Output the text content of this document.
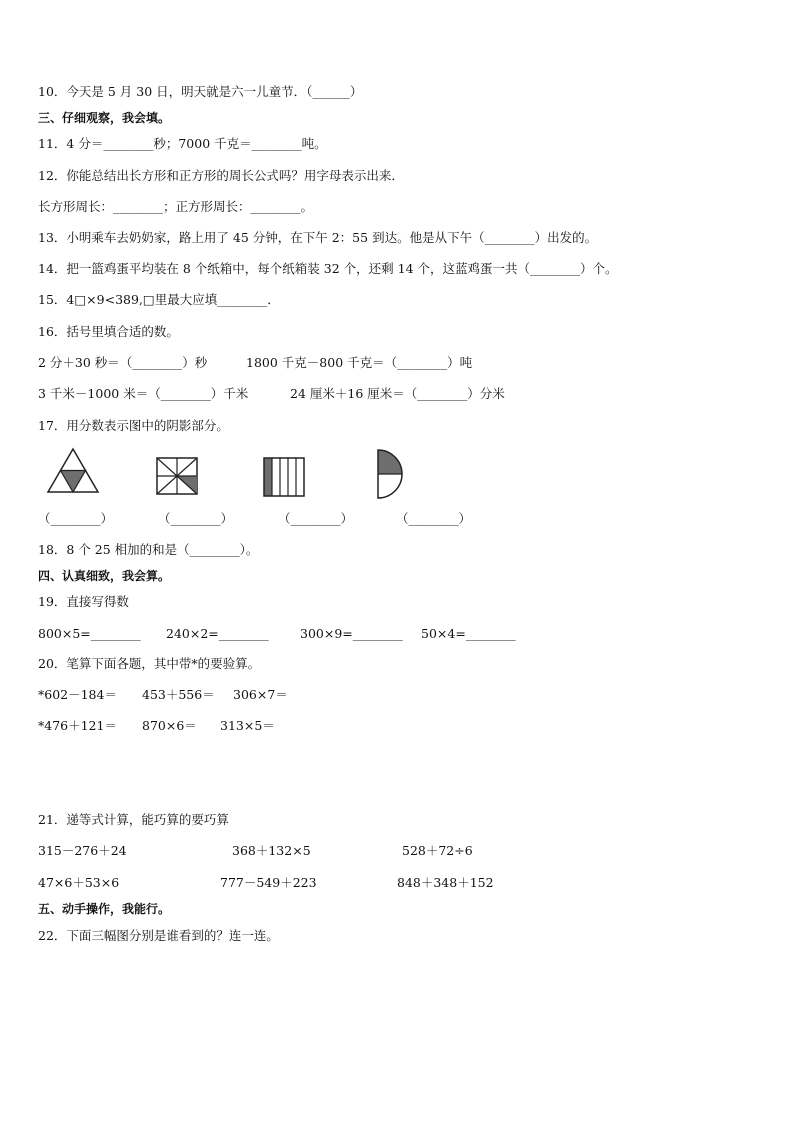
10．今天是 5 月 30 日，明天就是六一儿童节．（______）
三、仔细观察，我会填。
11．4 分＝________秒；7000 千克＝________吨。
12．你能总结出长方形和正方形的周长公式吗？用字母表示出来．
长方形周长：________；正方形周长：________。
13．小明乘车去奶奶家，路上用了 45 分钟，在下午 2：55 到达。他是从下午（________）出发的。
14．把一篮鸡蛋平均装在 8 个纸箱中，每个纸箱装 32 个，还剩 14 个，这蓝鸡蛋一共（________）个。
15．4□×9<389,□里最大应填________．
16．括号里填合适的数。
2 分＋30 秒＝（________）秒	1800 千克－800 千克＝（________）吨
3 千米－1000 米＝（________）千米	24 厘米＋16 厘米＝（________）分米
17．用分数表示图中的阴影部分。
（________）	（________）	（________）	（________）
18．8 个 25 相加的和是（________）。
四、认真细致，我会算。
19．直接写得数
800×5=________ 240×2=________ 300×9=________ 50×4=________
20．笔算下面各题，其中带*的要验算。
*602－184＝ 453＋556＝ 306×7＝
*476＋121＝ 870×6＝ 313×5＝
21．递等式计算，能巧算的要巧算
315－276＋24	368＋132×5	528＋72÷6
47×6＋53×6	777－549＋223	848＋348＋152
五、动手操作，我能行。
22．下面三幅图分别是谁看到的？连一连。
